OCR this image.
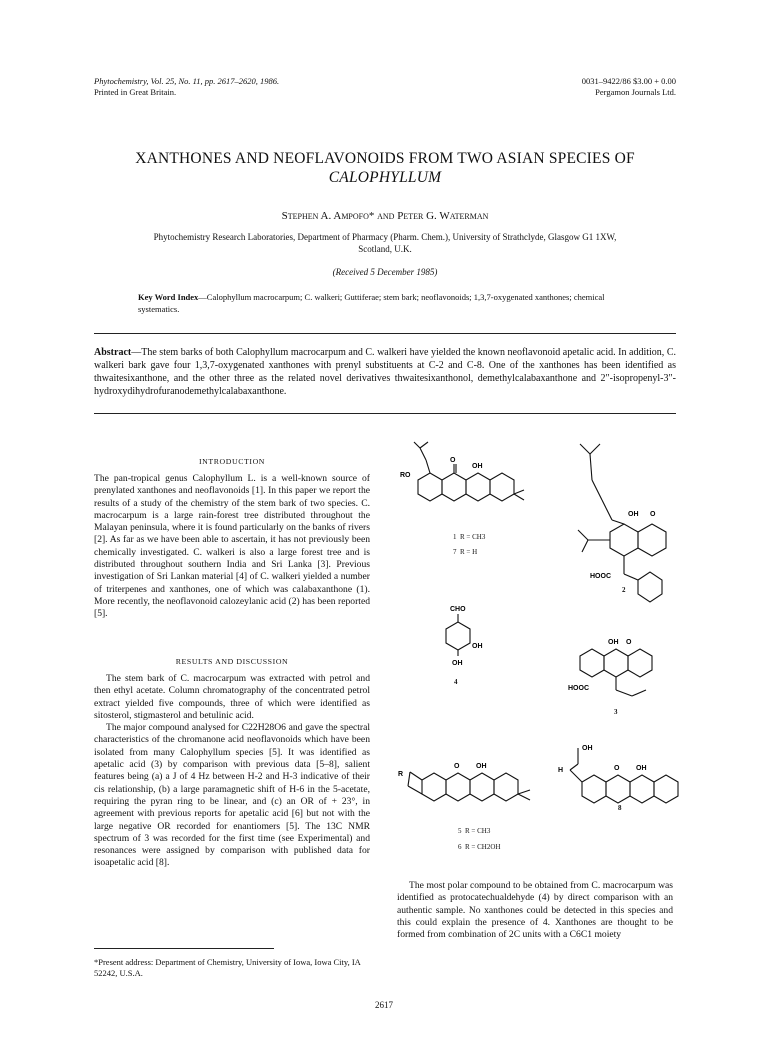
Phytochemistry, Vol. 25, No. 11, pp. 2617–2620, 1986.
Printed in Great Britain.
0031–9422/86 $3.00 + 0.00
Pergamon Journals Ltd.
XANTHONES AND NEOFLAVONOIDS FROM TWO ASIAN SPECIES OF
CALOPHYLLUM
Stephen A. Ampofo* and Peter G. Waterman
Phytochemistry Research Laboratories, Department of Pharmacy (Pharm. Chem.), University of Strathclyde, Glasgow G1 1XW,
Scotland, U.K.
(Received 5 December 1985)
Key Word Index—Calophyllum macrocarpum; C. walkeri; Guttiferae; stem bark; neoflavonoids; 1,3,7-oxygenated xanthones; chemical systematics.
Abstract—The stem barks of both Calophyllum macrocarpum and C. walkeri have yielded the known neoflavonoid apetalic acid. In addition, C. walkeri bark gave four 1,3,7-oxygenated xanthones with prenyl substituents at C-2 and C-8. One of the xanthones has been identified as thwaitesixanthone, and the other three as the related novel derivatives thwaitesixanthonol, demethylcalabaxanthone and 2″-isopropenyl-3″-hydroxydihydrofuranodemethylcalabaxanthone.
INTRODUCTION

The pan-tropical genus Calophyllum L. is a well-known source of prenylated xanthones and neoflavonoids [1]. In this paper we report the results of a study of the chemistry of the stem bark of two species. C. macrocarpum is a large rain-forest tree distributed throughout the Malayan peninsula, where it is found particularly on the banks of rivers [2]. As far as we have been able to ascertain, it has not previously been chemically investigated. C. walkeri is also a large forest tree and is distributed throughout southern India and Sri Lanka [3]. Previous investigation of Sri Lankan material [4] of C. walkeri yielded a number of triterpenes and xanthones, one of which was calabaxanthone (1). More recently, the neoflavonoid calozeylanic acid (2) has been reported [5].

RESULTS AND DISCUSSION

The stem bark of C. macrocarpum was extracted with petrol and then ethyl acetate. Column chromatography of the concentrated petrol extract yielded five compounds, three of which were identified as sitosterol, stigmasterol and betulinic acid.

The major compound analysed for C22H28O6 and gave the spectral characteristics of the chromanone acid neoflavonoids which have been isolated from many Calophyllum species [5]. It was identified as apetalic acid (3) by comparison with previous data [5–8], salient features being (a) a J of 4 Hz between H-2 and H-3 indicative of their cis relationship, (b) a large paramagnetic shift of H-6 in the 5-acetate, requiring the pyran ring to be linear, and (c) an OR of + 23°, in agreement with previous reports for apetalic acid [6] but not with the large negative OR recorded for enantiomers [5]. The 13C NMR spectrum of 3 was recorded for the first time (see Experimental) and resonances were assigned by comparison with published data for isoapetalic acid [8].

*Present address: Department of Chemistry, University of Iowa, Iowa City, IA 52242, U.S.A.
O
OH
RO
1 R = CH3
7 R = H
OH O
HOOC
2
CHO
OH
OH
4
OH O
HOOC
3
R
O OH
5 R = CH3
6 R = CH2OH
OH
H	O OH
8

The most polar compound to be obtained from C. macrocarpum was identified as protocatechualdehyde (4) by direct comparison with an authentic sample. No xanthones could be detected in this species and this could explain the presence of 4. Xanthones are thought to be formed from combination of 2C units with a C6C1 moiety

2617
